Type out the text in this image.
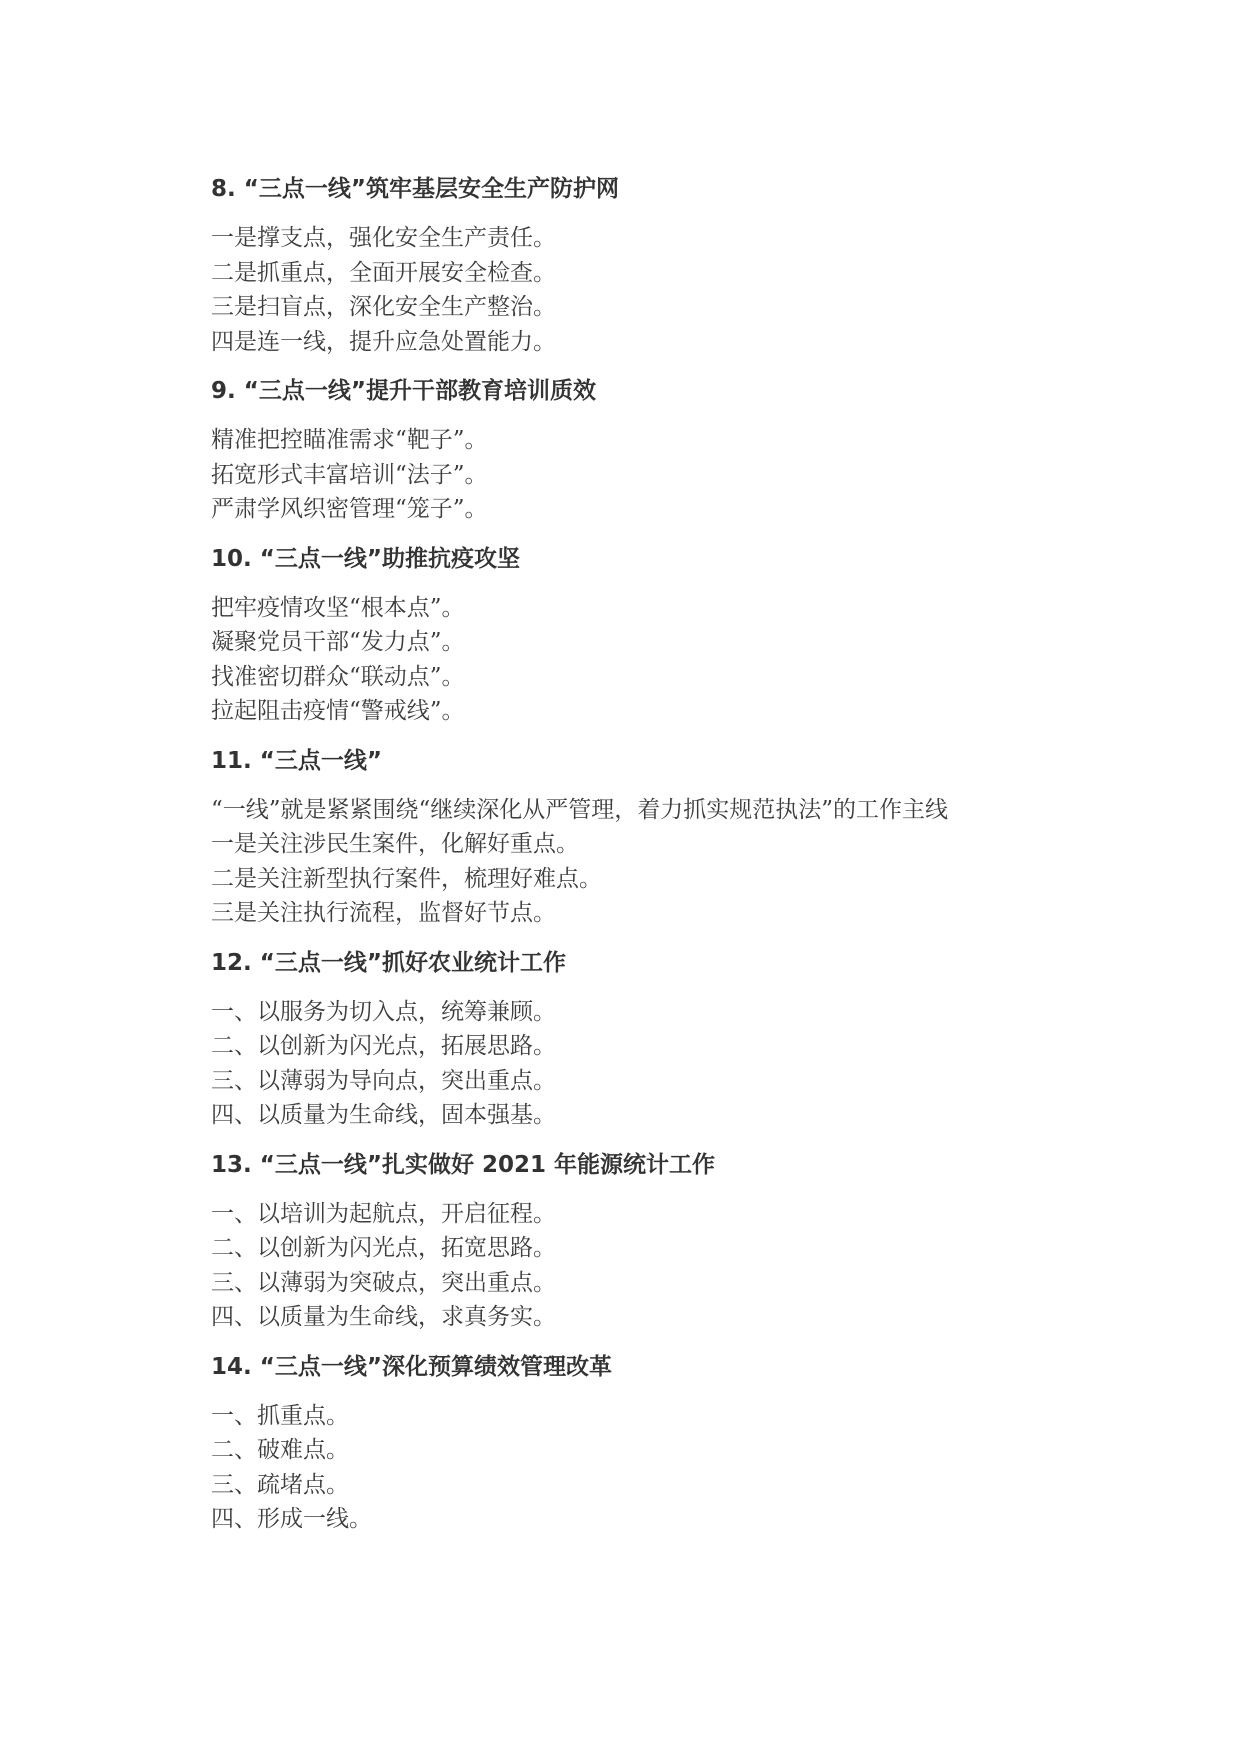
8. “三点一线”筑牢基层安全生产防护网
一是撑支点，强化安全生产责任。
二是抓重点，全面开展安全检查。
三是扫盲点，深化安全生产整治。
四是连一线，提升应急处置能力。
9. “三点一线”提升干部教育培训质效
精准把控瞄准需求“靶子”。
拓宽形式丰富培训“法子”。
严肃学风织密管理“笼子”。
10. “三点一线”助推抗疫攻坚
把牢疫情攻坚“根本点”。
凝聚党员干部“发力点”。
找准密切群众“联动点”。
拉起阻击疫情“警戒线”。
11. “三点一线”
“一线”就是紧紧围绕“继续深化从严管理，着力抓实规范执法”的工作主线
一是关注涉民生案件，化解好重点。
二是关注新型执行案件，梳理好难点。
三是关注执行流程，监督好节点。
12. “三点一线”抓好农业统计工作
一、以服务为切入点，统筹兼顾。
二、以创新为闪光点，拓展思路。
三、以薄弱为导向点，突出重点。
四、以质量为生命线，固本强基。
13. “三点一线”扎实做好 2021 年能源统计工作
一、以培训为起航点，开启征程。
二、以创新为闪光点，拓宽思路。
三、以薄弱为突破点，突出重点。
四、以质量为生命线，求真务实。
14. “三点一线”深化预算绩效管理改革
一、抓重点。
二、破难点。
三、疏堵点。
四、形成一线。
